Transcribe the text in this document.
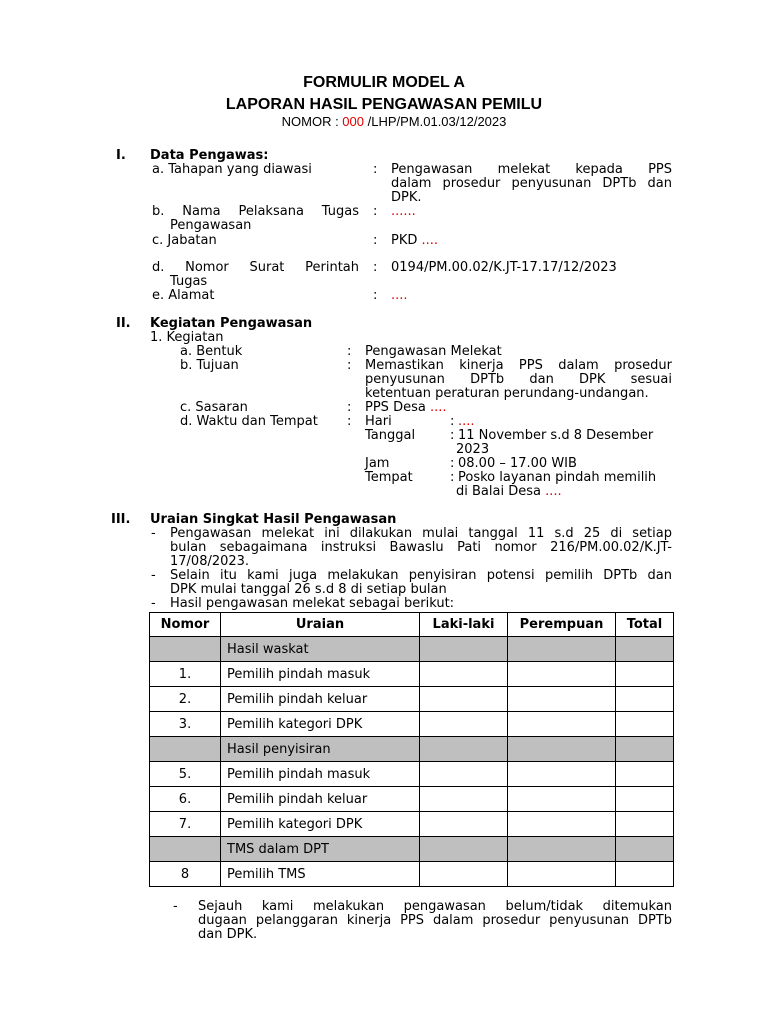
FORMULIR MODEL A
LAPORAN HASIL PENGAWASAN PEMILU
NOMOR : 000 /LHP/PM.01.03/12/2023
I. Data Pengawas:
a. Tahapan yang diawasi	: Pengawasan melekat kepada PPS
dalam prosedur penyusunan DPTb dan
DPK.
b. Nama Pelaksana Tugas
Pengawasan
: ......
c. Jabatan	: PKD ....
d. Nomor Surat Perintah
Tugas
: 0194/PM.00.02/K.JT-17.17/12/2023
e. Alamat	: ....
II. Kegiatan Pengawasan
1. Kegiatan
a. Bentuk	: Pengawasan Melekat
b. Tujuan	: Memastikan kinerja PPS dalam prosedur
penyusunan DPTb dan DPK sesuai
ketentuan peraturan perundang-undangan.
c. Sasaran	: PPS Desa ....
d. Waktu dan Tempat : Hari	: ....
Tanggal	: 11 November s.d 8 Desember
2023
Jam	: 08.00 – 17.00 WIB
Tempat	: Posko layanan pindah memilih
di Balai Desa ....
III. Uraian Singkat Hasil Pengawasan
- Pengawasan melekat ini dilakukan mulai tanggal 11 s.d 25 di setiap
bulan sebagaimana instruksi Bawaslu Pati nomor 216/PM.00.02/K.JT-
17/08/2023.
- Selain itu kami juga melakukan penyisiran potensi pemilih DPTb dan
DPK mulai tanggal 26 s.d 8 di setiap bulan
- Hasil pengawasan melekat sebagai berikut:
Nomor	Uraian	Laki-laki	Perempuan	Total
	Hasil waskat			
1.	Pemilih pindah masuk			
2.	Pemilih pindah keluar			
3.	Pemilih kategori DPK			
	Hasil penyisiran			
5.	Pemilih pindah masuk			
6.	Pemilih pindah keluar			
7.	Pemilih kategori DPK			
	TMS dalam DPT			
8	Pemilih TMS			
- Sejauh kami melakukan pengawasan belum/tidak ditemukan
dugaan pelanggaran kinerja PPS dalam prosedur penyusunan DPTb
dan DPK.
